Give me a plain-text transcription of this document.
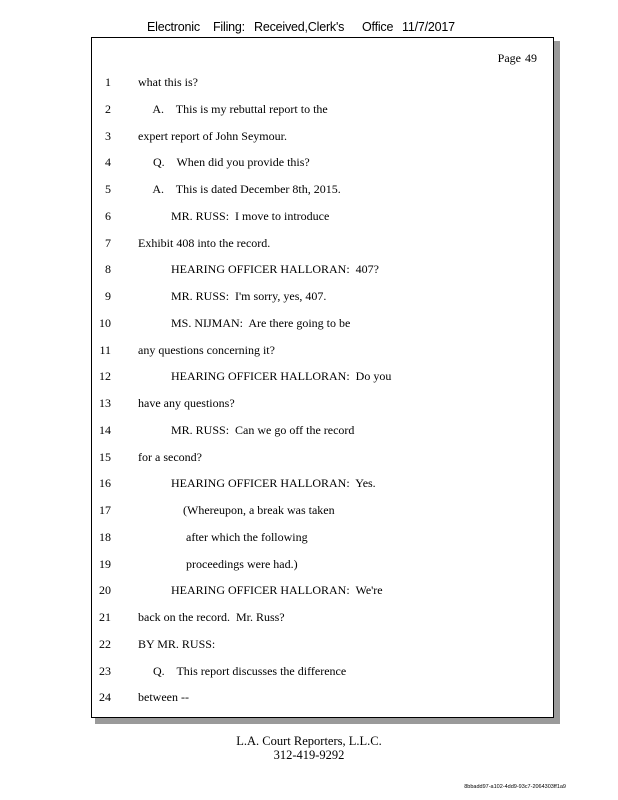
Electronic Filing: Received,Clerk's Office 11/7/2017
Page 49
1 what this is?
2 A.    This is my rebuttal report to the
3 expert report of John Seymour.
4 Q.    When did you provide this?
5 A.    This is dated December 8th, 2015.
6 MR. RUSS:  I move to introduce
7 Exhibit 408 into the record.
8 HEARING OFFICER HALLORAN:  407?
9 MR. RUSS:  I'm sorry, yes, 407.
10 MS. NIJMAN:  Are there going to be
11 any questions concerning it?
12 HEARING OFFICER HALLORAN:  Do you
13 have any questions?
14 MR. RUSS:  Can we go off the record
15 for a second?
16 HEARING OFFICER HALLORAN:  Yes.
17 (Whereupon, a break was taken
18 after which the following
19 proceedings were had.)
20 HEARING OFFICER HALLORAN:  We're
21 back on the record.  Mr. Russ?
22 BY MR. RUSS:
23 Q.    This report discusses the difference
24 between --
L.A. Court Reporters, L.L.C.
312-419-9292
8bbadd97-a102-4dd9-93c7-2064303ff1a9
